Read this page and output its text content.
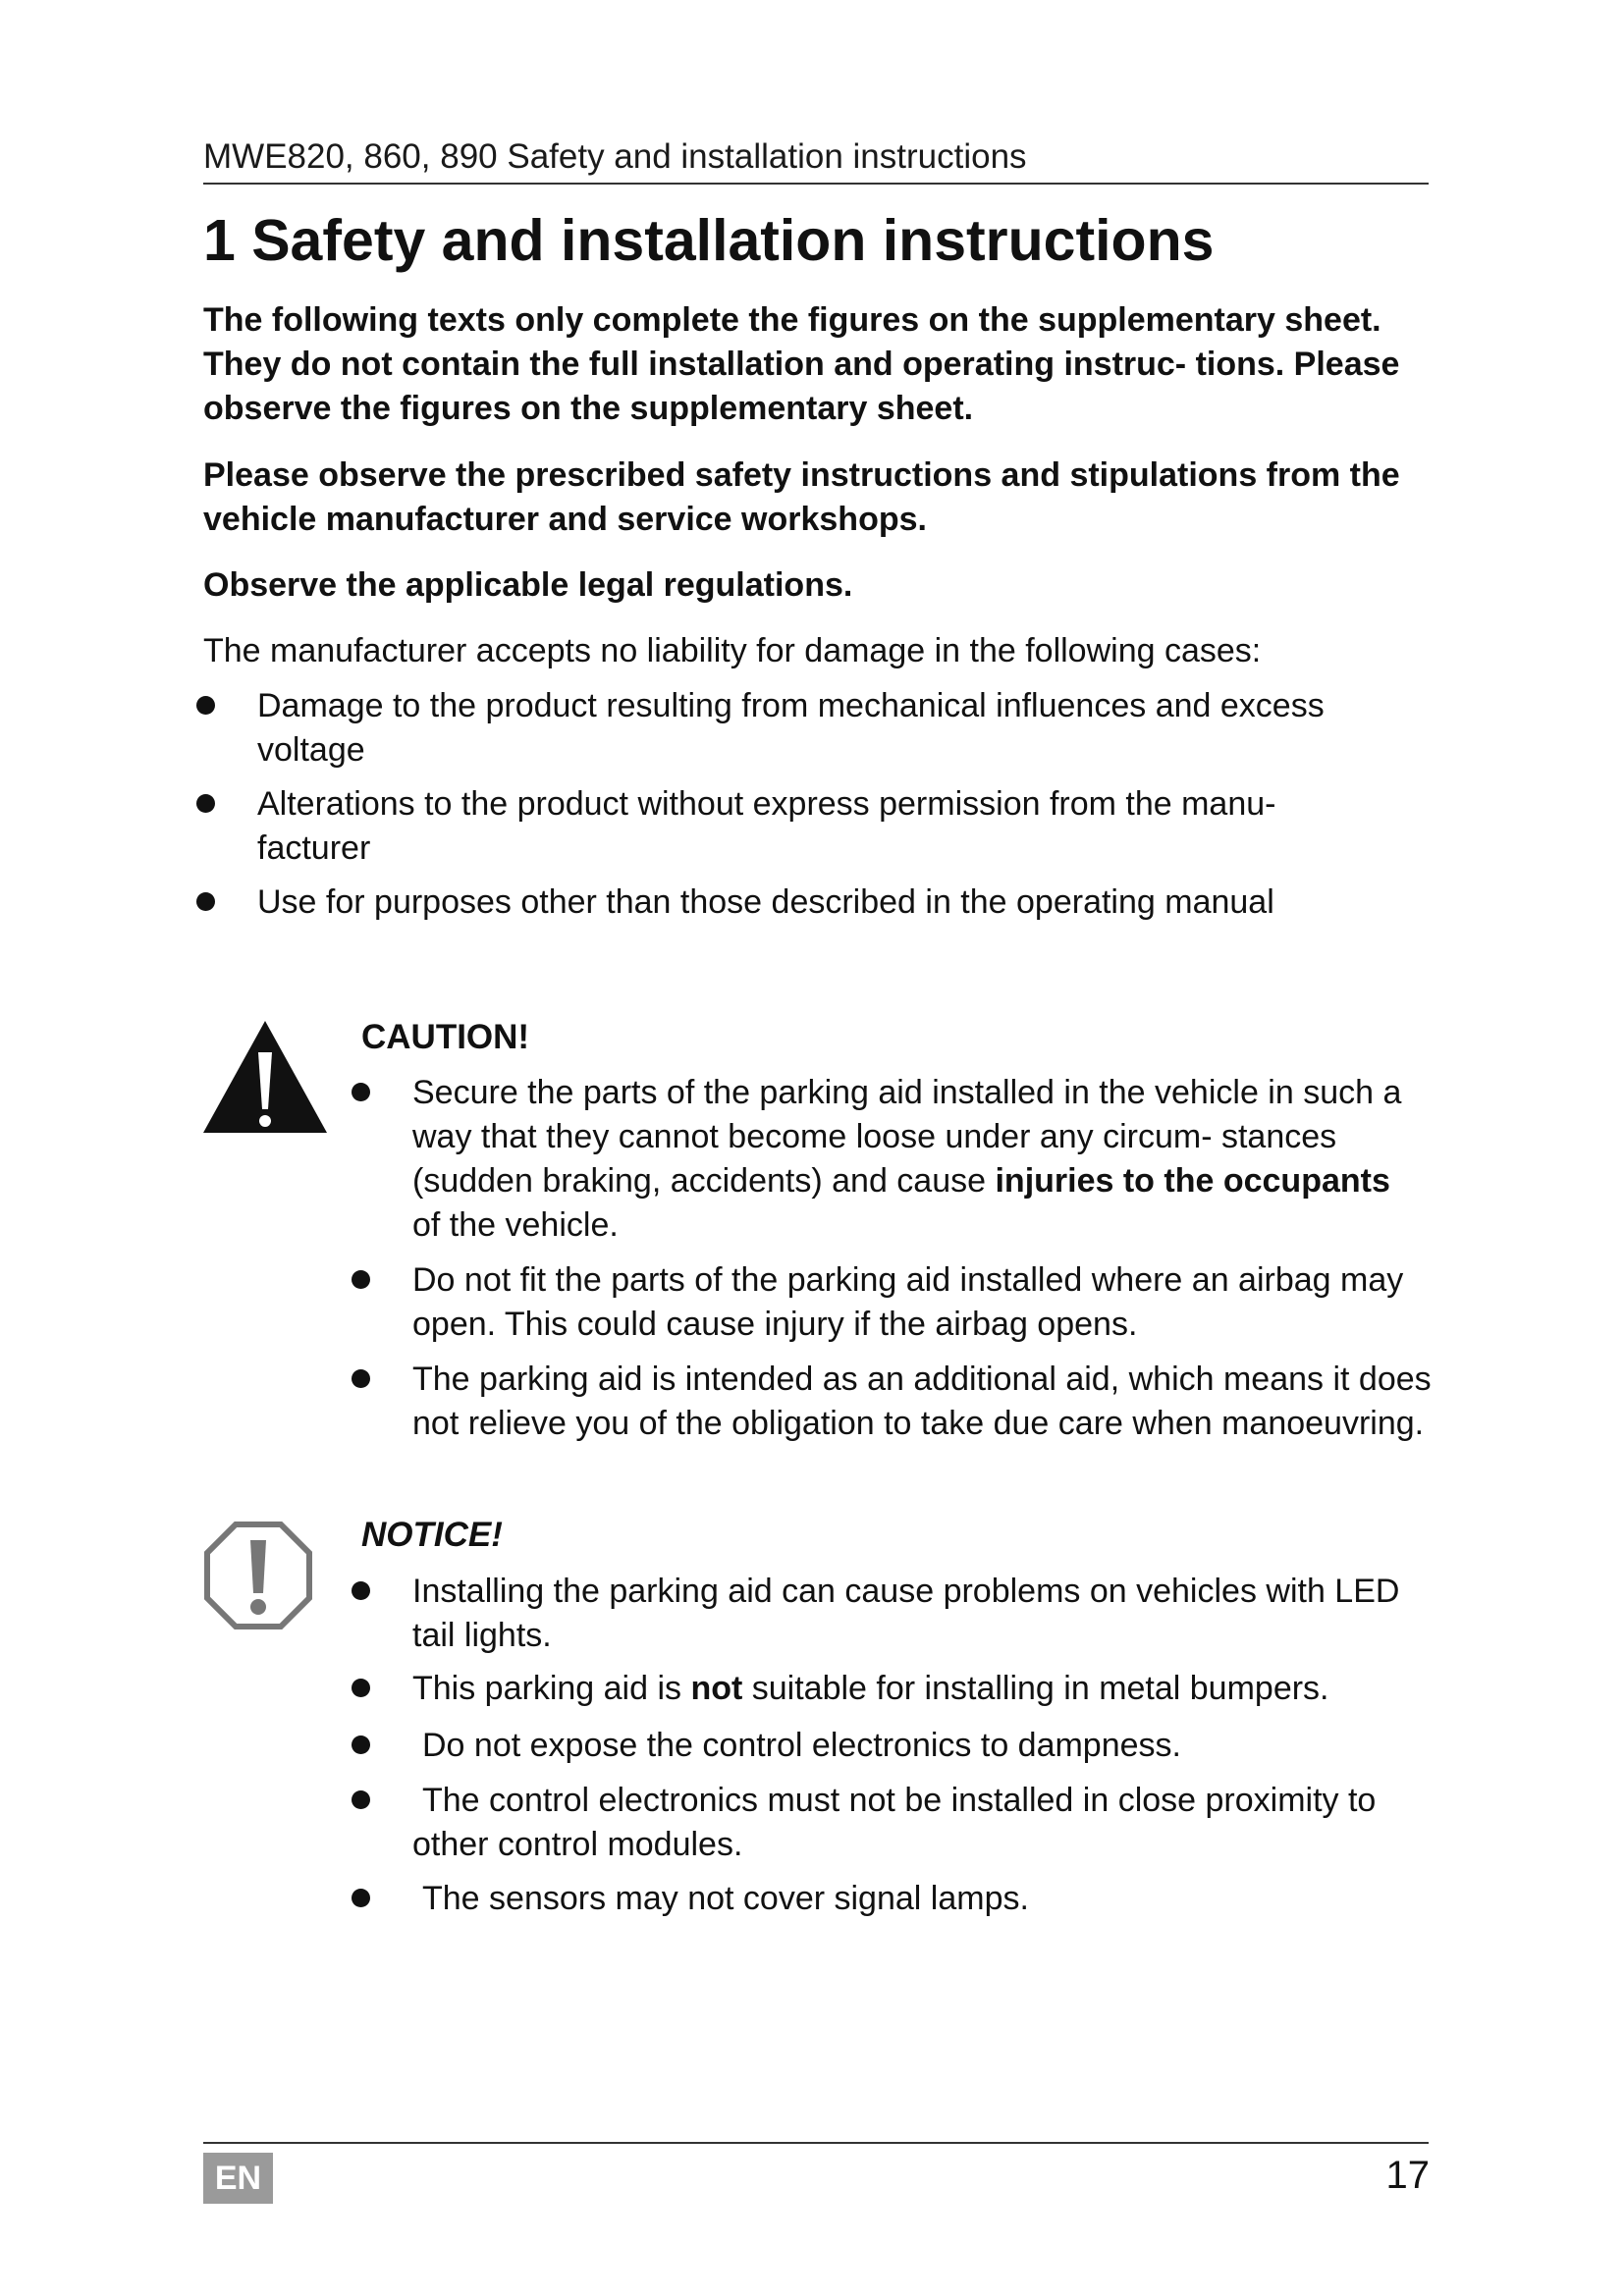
MWE820, 860, 890 Safety and installation instructions
1 Safety and installation instructions

The following texts only complete the figures on the supplementary sheet. They do not contain the full installation and operating instruc- tions. Please observe the figures on the supplementary sheet.

Please observe the prescribed safety instructions and stipulations from the vehicle manufacturer and service workshops.

Observe the applicable legal regulations.

The manufacturer accepts no liability for damage in the following cases:

Damage to the product resulting from mechanical influences and excess voltage

Alterations to the product without express permission from the manu- facturer

Use for purposes other than those described in the operating manual

CAUTION!

Secure the parts of the parking aid installed in the vehicle in such a way that they cannot become loose under any circum- stances (sudden braking, accidents) and cause injuries to the occupants of the vehicle.

Do not fit the parts of the parking aid installed where an airbag may open. This could cause injury if the airbag opens.

The parking aid is intended as an additional aid, which means it does not relieve you of the obligation to take due care when manoeuvring.

NOTICE!

Installing the parking aid can cause problems on vehicles with LED tail lights.

This parking aid is not suitable for installing in metal bumpers.

Do not expose the control electronics to dampness.

The control electronics must not be installed in close proximity to other control modules.

The sensors may not cover signal lamps.

EN	17
